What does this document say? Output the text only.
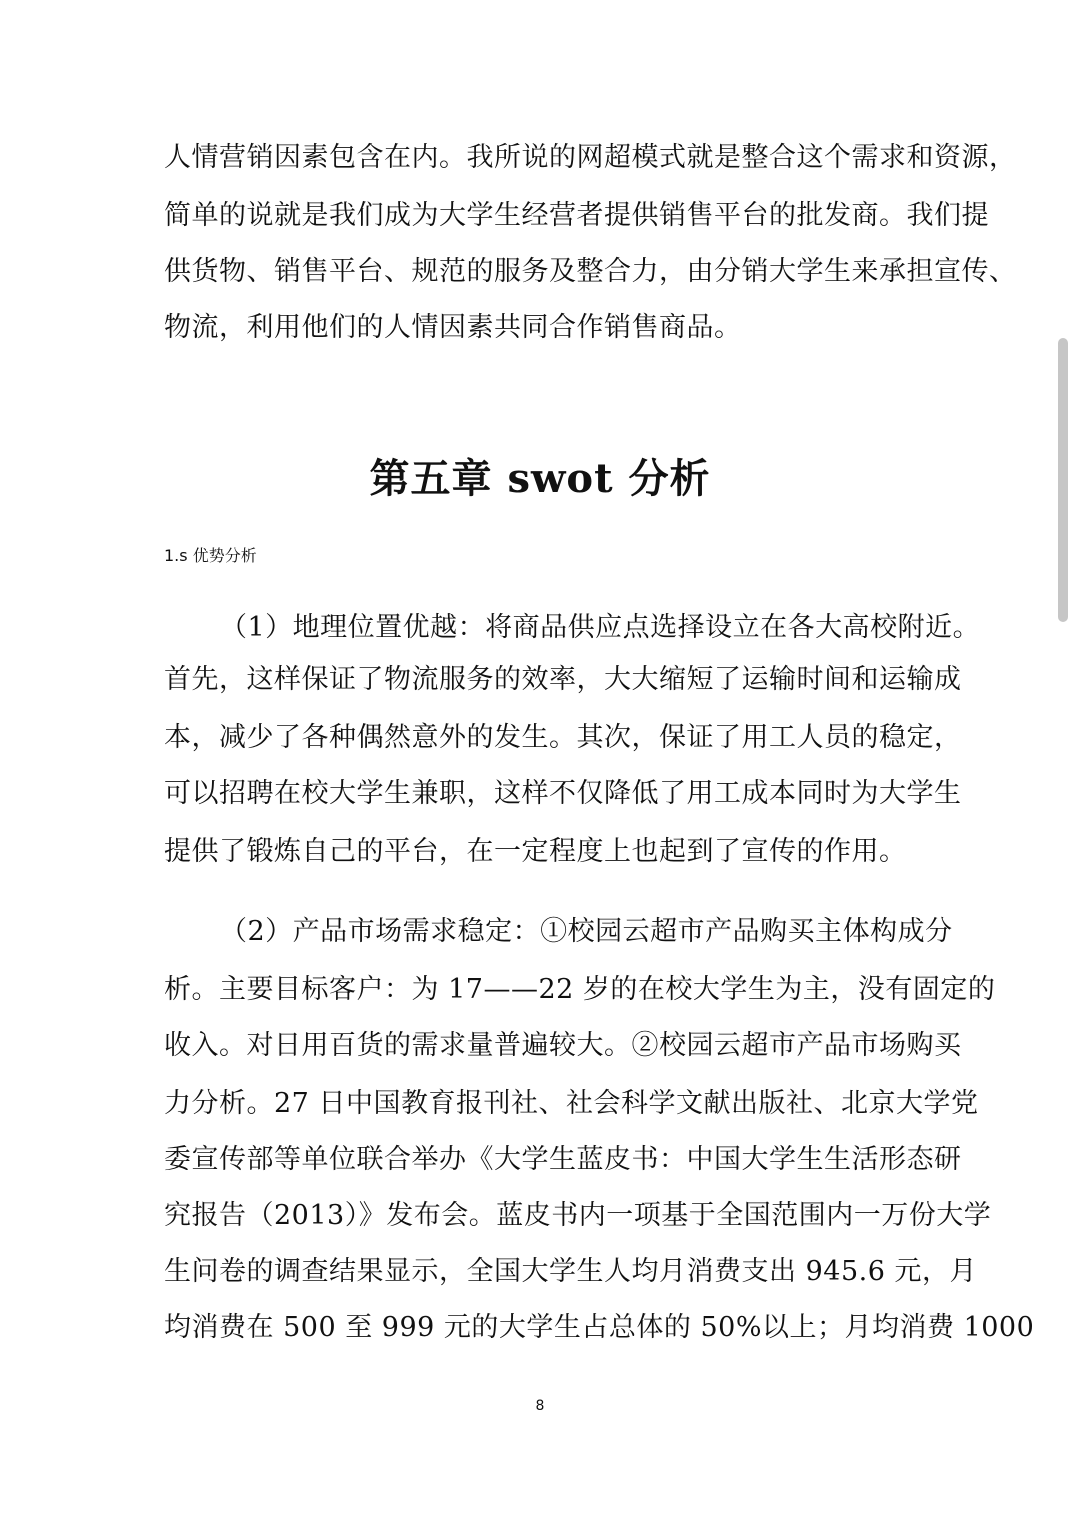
人情营销因素包含在内。我所说的网超模式就是整合这个需求和资源，
简单的说就是我们成为大学生经营者提供销售平台的批发商。我们提
供货物、销售平台、规范的服务及整合力，由分销大学生来承担宣传、
物流，利用他们的人情因素共同合作销售商品。
第五章 swot 分析
1.s 优势分析
（1）地理位置优越：将商品供应点选择设立在各大高校附近。
首先，这样保证了物流服务的效率，大大缩短了运输时间和运输成
本，减少了各种偶然意外的发生。其次，保证了用工人员的稳定，
可以招聘在校大学生兼职，这样不仅降低了用工成本同时为大学生
提供了锻炼自己的平台，在一定程度上也起到了宣传的作用。
（2）产品市场需求稳定：①校园云超市产品购买主体构成分
析。主要目标客户：为 17——22 岁的在校大学生为主，没有固定的
收入。对日用百货的需求量普遍较大。②校园云超市产品市场购买
力分析。27 日中国教育报刊社、社会科学文献出版社、北京大学党
委宣传部等单位联合举办《大学生蓝皮书：中国大学生生活形态研
究报告（2013）》发布会。蓝皮书内一项基于全国范围内一万份大学
生问卷的调查结果显示，全国大学生人均月消费支出 945.6 元，月
均消费在 500 至 999 元的大学生占总体的 50%以上；月均消费 1000
8
